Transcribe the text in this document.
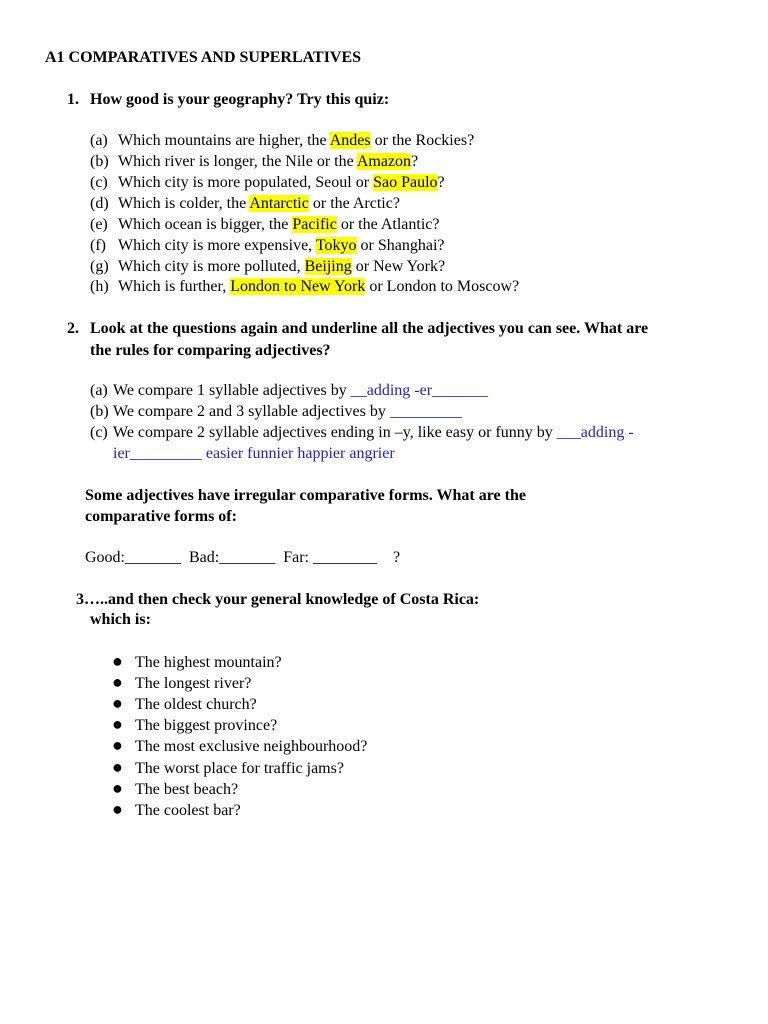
A1 COMPARATIVES AND SUPERLATIVES
1. How good is your geography? Try this quiz:
(a) Which mountains are higher, the Andes or the Rockies?
(b) Which river is longer, the Nile or the Amazon?
(c) Which city is more populated, Seoul or Sao Paulo?
(d) Which is colder, the Antarctic or the Arctic?
(e) Which ocean is bigger, the Pacific or the Atlantic?
(f) Which city is more expensive, Tokyo or Shanghai?
(g) Which city is more polluted, Beijing or New York?
(h) Which is further, London to New York or London to Moscow?
2. Look at the questions again and underline all the adjectives you can see. What are
the rules for comparing adjectives?
(a) We compare 1 syllable adjectives by __adding -er_______
(b) We compare 2 and 3 syllable adjectives by _________
(c) We compare 2 syllable adjectives ending in –y, like easy or funny by ___adding -
ier_________ easier funnier happier angrier
Some adjectives have irregular comparative forms. What are the
comparative forms of:
Good:_______  Bad:_______  Far: ________    ?
3…..and then check your general knowledge of Costa Rica:
which is:
● The highest mountain?
● The longest river?
● The oldest church?
● The biggest province?
● The most exclusive neighbourhood?
● The worst place for traffic jams?
● The best beach?
● The coolest bar?
